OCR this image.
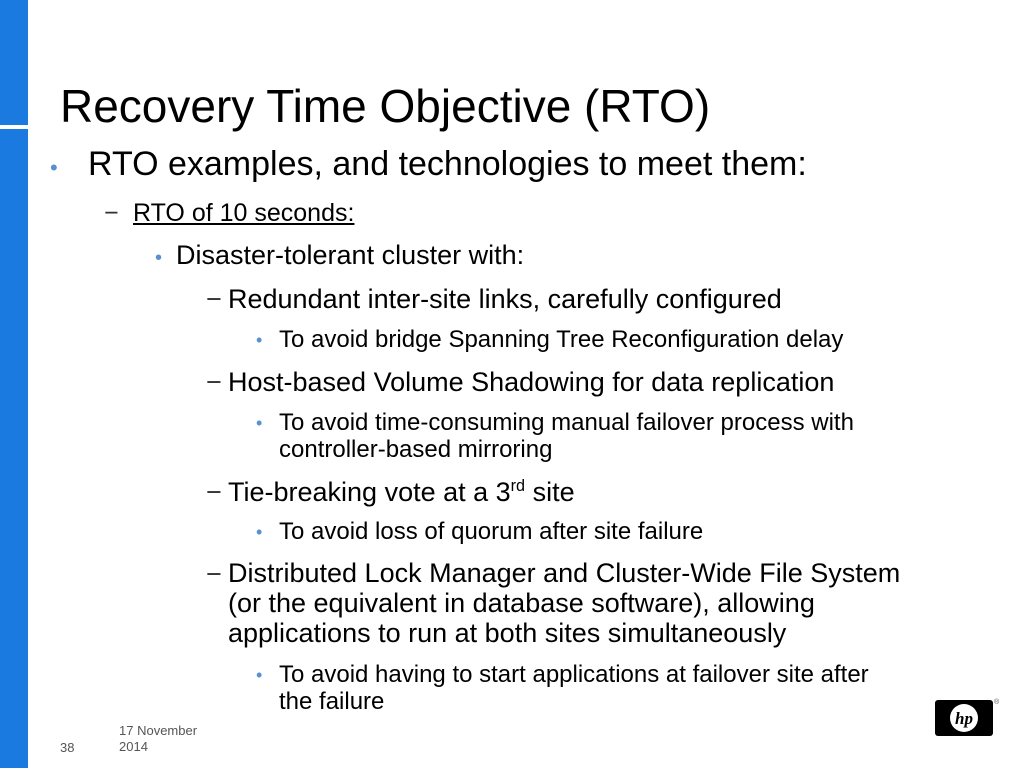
Recovery Time Objective (RTO)
• RTO examples, and technologies to meet them:
− RTO of 10 seconds:
• Disaster-tolerant cluster with:
− Redundant inter-site links, carefully configured
• To avoid bridge Spanning Tree Reconfiguration delay
− Host-based Volume Shadowing for data replication
• To avoid time-consuming manual failover process with
controller-based mirroring
− Tie-breaking vote at a 3rd site
• To avoid loss of quorum after site failure
− Distributed Lock Manager and Cluster-Wide File System
(or the equivalent in database software), allowing
applications to run at both sites simultaneously
• To avoid having to start applications at failover site after
the failure
17 November
2014
38
hp
®
